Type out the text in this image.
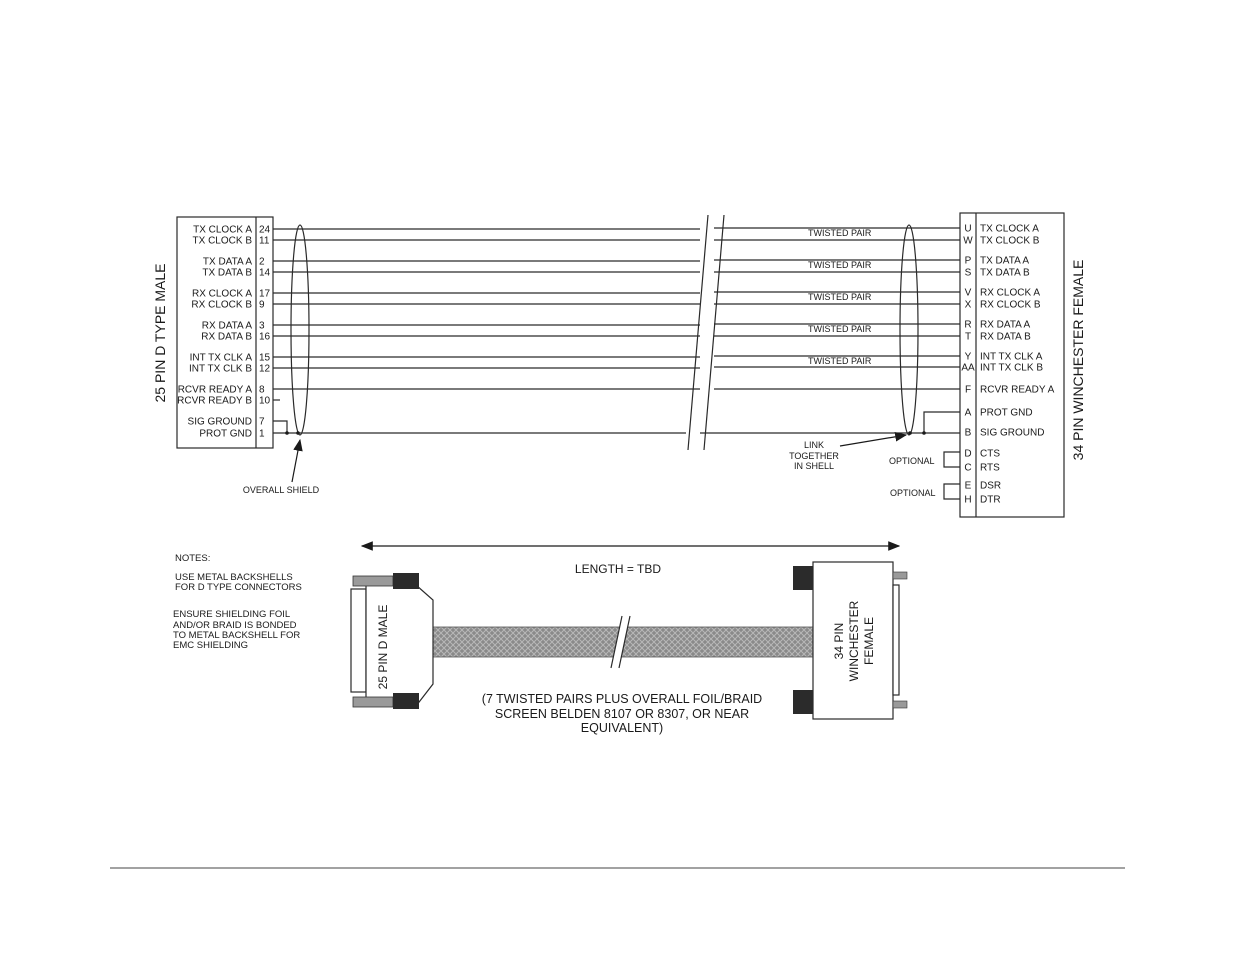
TX CLOCK A 24
TX CLOCK B 11
TX DATA A 2
TX DATA B 14
RX CLOCK A 17
RX CLOCK B 9
RX DATA A 3
RX DATA B 16
INT TX CLK A 15
INT TX CLK B 12
RCVR READY A 8
RCVR READY B 10
SIG GROUND 7
PROT GND 1
25 PIN D TYPE MALE
U TX CLOCK A
W TX CLOCK B
P TX DATA A
S TX DATA B
V RX CLOCK A
X RX CLOCK B
R RX DATA A
T RX DATA B
Y INT TX CLK A
AA INT TX CLK B
F RCVR READY A
A PROT GND
B SIG GROUND
D CTS
C RTS
E DSR
H DTR
34 PIN WINCHESTER FEMALE
TWISTED PAIR
TWISTED PAIR
TWISTED PAIR
TWISTED PAIR
TWISTED PAIR
OVERALL SHIELD
LINK
TOGETHER
IN SHELL	OPTIONAL
OPTIONAL
NOTES:
USE METAL BACKSHELLS
FOR D TYPE CONNECTORS
ENSURE SHIELDING FOIL
AND/OR BRAID IS BONDED
TO METAL BACKSHELL FOR
EMC SHIELDING
LENGTH = TBD
25 PIN D MALE	34 PIN WINCHESTER FEMALE
(7 TWISTED PAIRS PLUS OVERALL FOIL/BRAID
SCREEN BELDEN 8107 OR 8307, OR NEAR
EQUIVALENT)
